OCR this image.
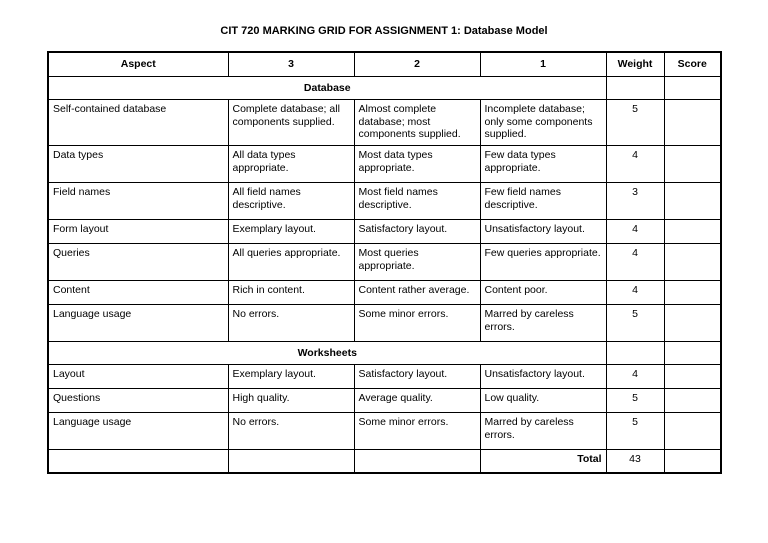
CIT 720 MARKING GRID FOR ASSIGNMENT 1: Database Model
Aspect	3	2	1	Weight	Score
Database					
Self-contained database	Complete database; all components supplied.	Almost complete database; most components supplied.	Incomplete database; only some components supplied.	5	
Data types	All data types appropriate.	Most data types appropriate.	Few data types appropriate.	4	
Field names	All field names descriptive.	Most field names descriptive.	Few field names descriptive.	3	
Form layout	Exemplary layout.	Satisfactory layout.	Unsatisfactory layout.	4	
Queries	All queries appropriate.	Most queries appropriate.	Few queries appropriate.	4	
Content	Rich in content.	Content rather average.	Content poor.	4	
Language usage	No errors.	Some minor errors.	Marred by careless errors.	5	
Worksheets					
Layout	Exemplary layout.	Satisfactory layout.	Unsatisfactory layout.	4	
Questions	High quality.	Average quality.	Low quality.	5	
Language usage	No errors.	Some minor errors.	Marred by careless errors.	5	
			Total	43	
